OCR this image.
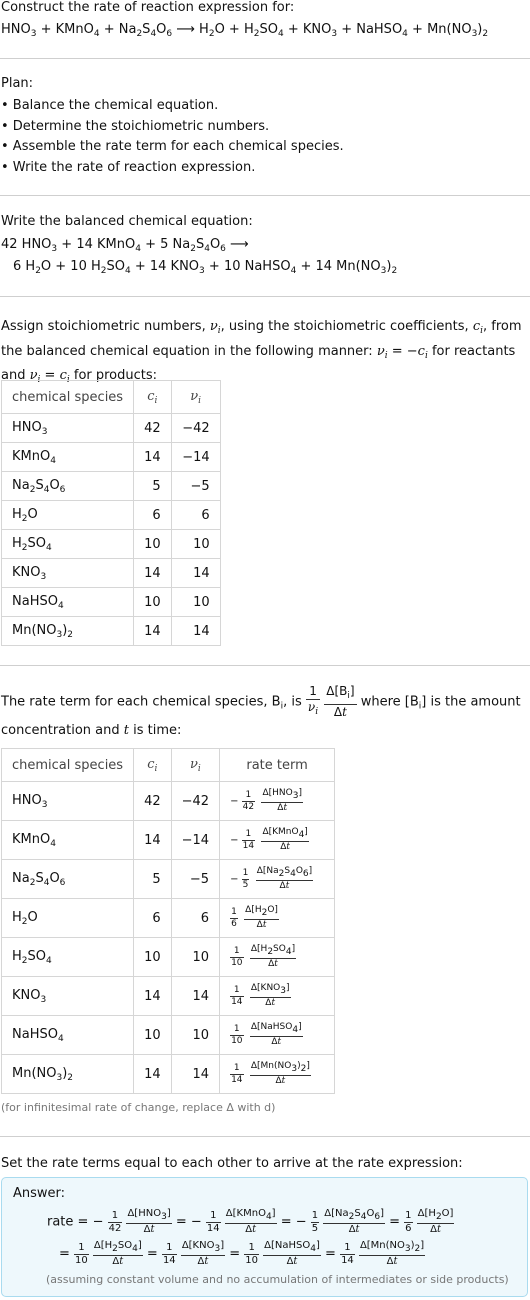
Construct the rate of reaction expression for:
$HNO_3$ + KMnO$_4$ + $Na_2S_4O_6$ ⟶ $H_2O + H_2SO_4 + KNO_3$ + NaHSO$_4$ + $Mn(NO_3)_2$
Plan:
• Balance the chemical equation.
• Determine the stoichiometric numbers.
• Assemble the rate term for each chemical species.
• Write the rate of reaction expression.
Write the balanced chemical equation:
42 $HNO_3 + 14$ KMnO$_4$ + 5 $Na_2S_4O_6$ ⟶
6 $H_2O + 10$ $H_2SO_4 + 14$ $KNO_3 + 10$ NaHSO$_4$ + 14 $Mn(NO_3)_2$
Assign stoichiometric numbers, $\nu_i$, using the stoichiometric coefficients, $c_i$, from the balanced chemical equation in the following manner: $\nu_i = -c_i$ for reactants and $\nu_i = c_i$ for products:
chemical species	$c_i$	$\nu_i$
$HNO_3$	42	−42
KMnO$_4$	14	−14
$Na_2S_4O_6$	5	−5
$H_2O$	6	6
$H_2SO_4$	10	10
$KNO_3$	14	14
NaHSO$_4$	10	10
$Mn(NO_3)_2$	14	14
The rate term for each chemical species, $B_i$, is $\frac{1}{\nu_i}$
$\frac{\Delta[B_i]}{\Delta t}$ where $[B_i]$ is the amount concentration and t is time:
chemical species	$c_i$	$\nu_i$	rate term
$HNO_3$	42	−42	− $\frac{1}{42}$
$\frac{\text{Δ[HNO3]}}{\Delta t}$

KMnO$_4$	14	−14	− $\frac{1}{14}$
$\frac{\text{Δ[KMnO4]}}{\Delta t}$

$Na_2S_4O_6$	5	−5	− $\frac{1}{5}$
$\frac{\Delta[Na2S4O6]}{\Delta t}$

$H_2O$	6	6	$\frac{1}{6}$
$\frac{\Delta[H2O]}{\Delta t}$

$H_2SO_4$	10	10	$\frac{1}{10}$
$\frac{\Delta[H2SO4]}{\Delta t}$

$KNO_3$	14	14	$\frac{1}{14}$
$\frac{\text{Δ[KNO3]}}{\Delta t}$

NaHSO$_4$	10	10	$\frac{1}{10}$
$\frac{\text{Δ[NaHSO4]}}{\Delta t}$

$Mn(NO_3)_2$	14	14	$\frac{1}{14}$
$\frac{\Delta[Mn(NO3)2]}{\Delta t}$
(for infinitesimal rate of change, replace Δ with d)
Set the rate terms equal to each other to arrive at the rate expression:
Answer:
rate = − $\frac{1}{42}$
Δ[HNO3]
Δt	= − $\frac{1}{14}$
Δ[KMnO4]
Δt	= − $\frac{1}{5}$
$\frac{\Delta[Na2S4O6]}{\Delta t} = \frac{1}{6}$
$\frac{\Delta[H2O]}{\Delta t}$
= $\frac{1}{10}$
$\frac{\Delta[H2SO4]}{\Delta t} = \frac{1}{14}$
Δ[KNO3]
Δt	= $\frac{1}{10}$
Δ[NaHSO4]
Δt	= $\frac{1}{14}$
$\frac{\Delta[Mn(NO3)2]}{\Delta t}$
(assuming constant volume and no accumulation of intermediates or side products)
